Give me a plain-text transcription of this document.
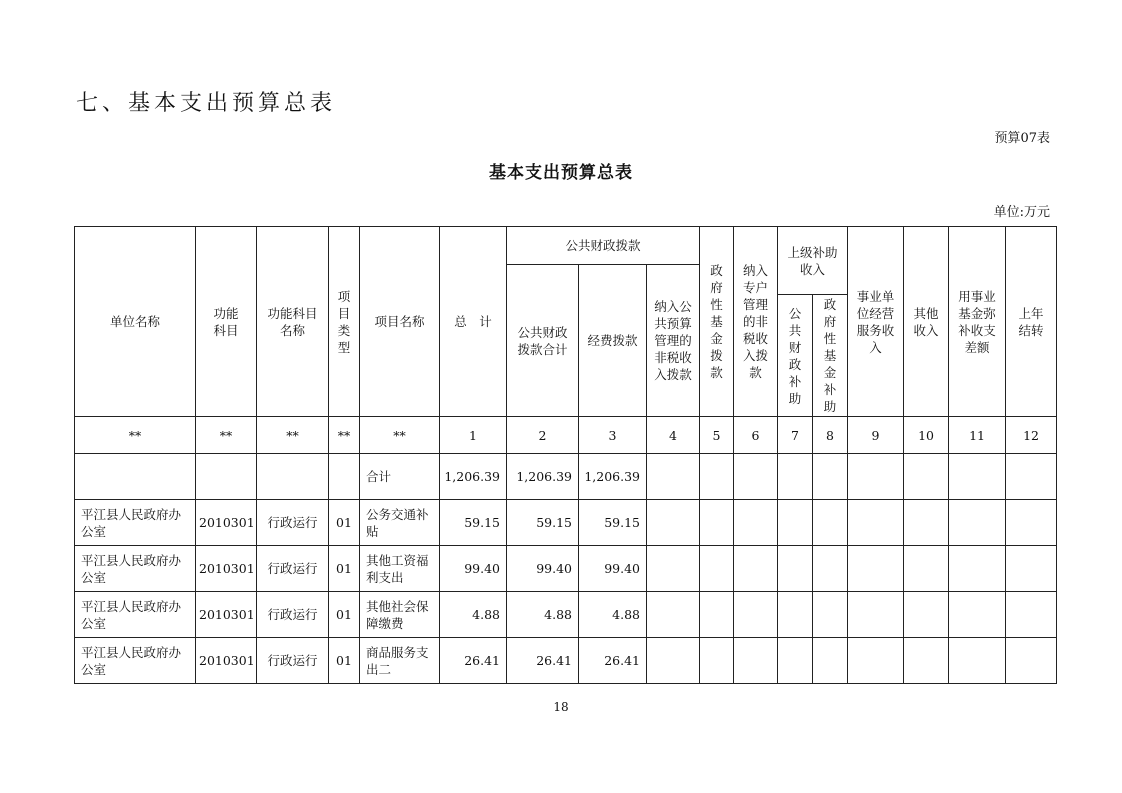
七、基本支出预算总表
预算07表
基本支出预算总表
单位:万元
单位名称	功能科目	功能科目名称	项目类型	项目名称	总　计	公共财政拨款			政府性基金拨款	纳入专户管理的非税收入拨款	上级补助收入		事业单位经营服务收入	其他收入	用事业基金弥补收支差额	上年结转

						公共财政拨款合计	经费拨款	纳入公共预算管理的非税收入拨款								

											公共财政补助	政府性基金补助				

**	**	**	**	**	1	2	3	4	5	6	7	8	9	10	11	12
				合计	1,206.39	1,206.39	1,206.39									
平江县人民政府办公室	2010301	行政运行	01	公务交通补贴	59.15	59.15	59.15									
平江县人民政府办公室	2010301	行政运行	01	其他工资福利支出	99.40	99.40	99.40									
平江县人民政府办公室	2010301	行政运行	01	其他社会保障缴费	4.88	4.88	4.88									
平江县人民政府办公室	2010301	行政运行	01	商品服务支出二	26.41	26.41	26.41									
18
